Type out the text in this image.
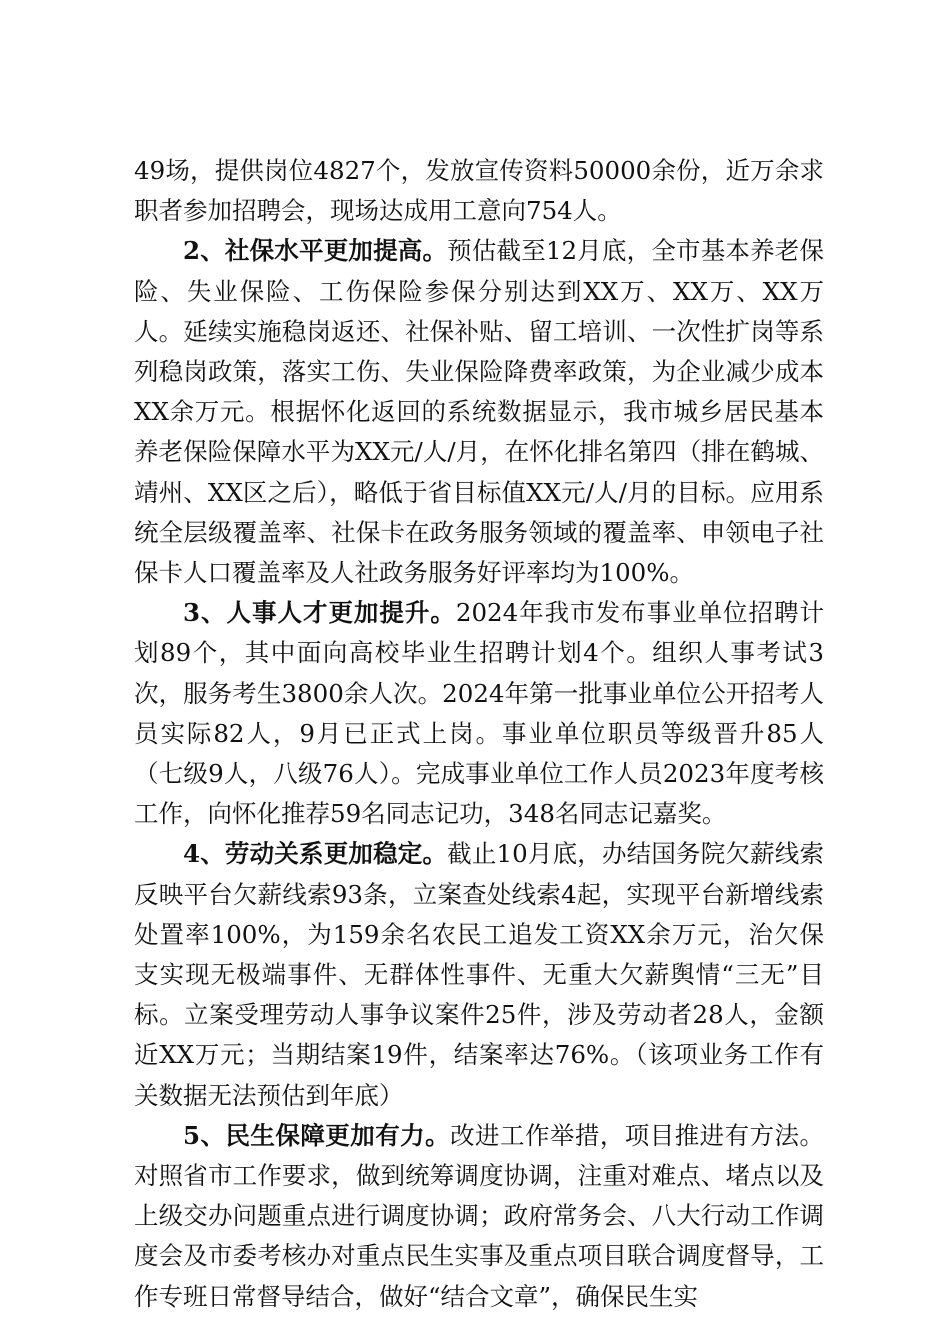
49场，提供岗位4827个，发放宣传资料50000余份，近万余求职者参加招聘会，现场达成用工意向754人。

2、社保水平更加提高。预估截至12月底，全市基本养老保险、失业保险、工伤保险参保分别达到XX万、XX万、XX万人。延续实施稳岗返还、社保补贴、留工培训、一次性扩岗等系列稳岗政策，落实工伤、失业保险降费率政策，为企业减少成本XX余万元。根据怀化返回的系统数据显示，我市城乡居民基本养老保险保障水平为XX元/人/月，在怀化排名第四（排在鹤城、靖州、XX区之后），略低于省目标值XX元/人/月的目标。应用系统全层级覆盖率、社保卡在政务服务领域的覆盖率、申领电子社保卡人口覆盖率及人社政务服务好评率均为100%。

3、人事人才更加提升。2024年我市发布事业单位招聘计划89个，其中面向高校毕业生招聘计划4个。组织人事考试3次，服务考生3800余人次。2024年第一批事业单位公开招考人员实际82人，9月已正式上岗。事业单位职员等级晋升85人（七级9人，八级76人）。完成事业单位工作人员2023年度考核工作，向怀化推荐59名同志记功，348名同志记嘉奖。

4、劳动关系更加稳定。截止10月底，办结国务院欠薪线索反映平台欠薪线索93条，立案查处线索4起，实现平台新增线索处置率100%，为159余名农民工追发工资XX余万元，治欠保支实现无极端事件、无群体性事件、无重大欠薪舆情“三无”目标。立案受理劳动人事争议案件25件，涉及劳动者28人，金额近XX万元；当期结案19件，结案率达76%。（该项业务工作有关数据无法预估到年底）

5、民生保障更加有力。改进工作举措，项目推进有方法。对照省市工作要求，做到统筹调度协调，注重对难点、堵点以及上级交办问题重点进行调度协调；政府常务会、八大行动工作调度会及市委考核办对重点民生实事及重点项目联合调度督导，工作专班日常督导结合，做好“结合文章”，确保民生实
